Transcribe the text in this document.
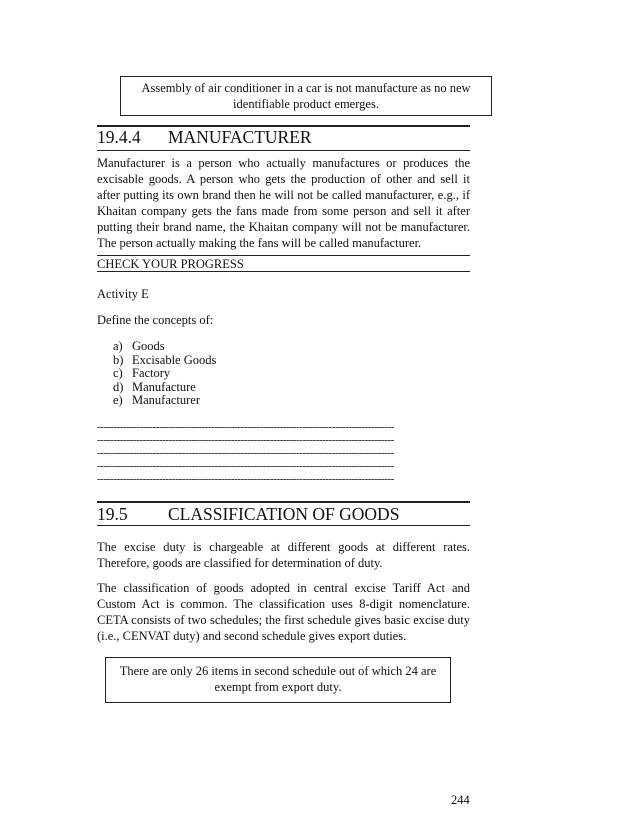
Assembly of air conditioner in a car is not manufacture as no new
identifiable product emerges.
19.4.4 MANUFACTURER

Manufacturer is a person who actually manufactures or produces the excisable goods. A person who gets the production of other and sell it after putting its own brand then he will not be called manufacturer, e.g., if Khaitan company gets the fans made from some person and sell it after putting their brand name, the Khaitan company will not be manufacturer. The person actually making the fans will be called manufacturer.

CHECK YOUR PROGRESS
Activity E
Define the concepts of:
a) Goods
b) Excisable Goods
c) Factory
d) Manufacture
e) Manufacturer
-------------------------------------------------------------------------------------------
-------------------------------------------------------------------------------------------
-------------------------------------------------------------------------------------------
-------------------------------------------------------------------------------------------
-------------------------------------------------------------------------------------------
19.5 CLASSIFICATION OF GOODS

The excise duty is chargeable at different goods at different rates. Therefore, goods are classified for determination of duty.

The classification of goods adopted in central excise Tariff Act and Custom Act is common. The classification uses 8-digit nomenclature. CETA consists of two schedules; the first schedule gives basic excise duty (i.e., CENVAT duty) and second schedule gives export duties.

There are only 26 items in second schedule out of which 24 are
exempt from export duty.
244
